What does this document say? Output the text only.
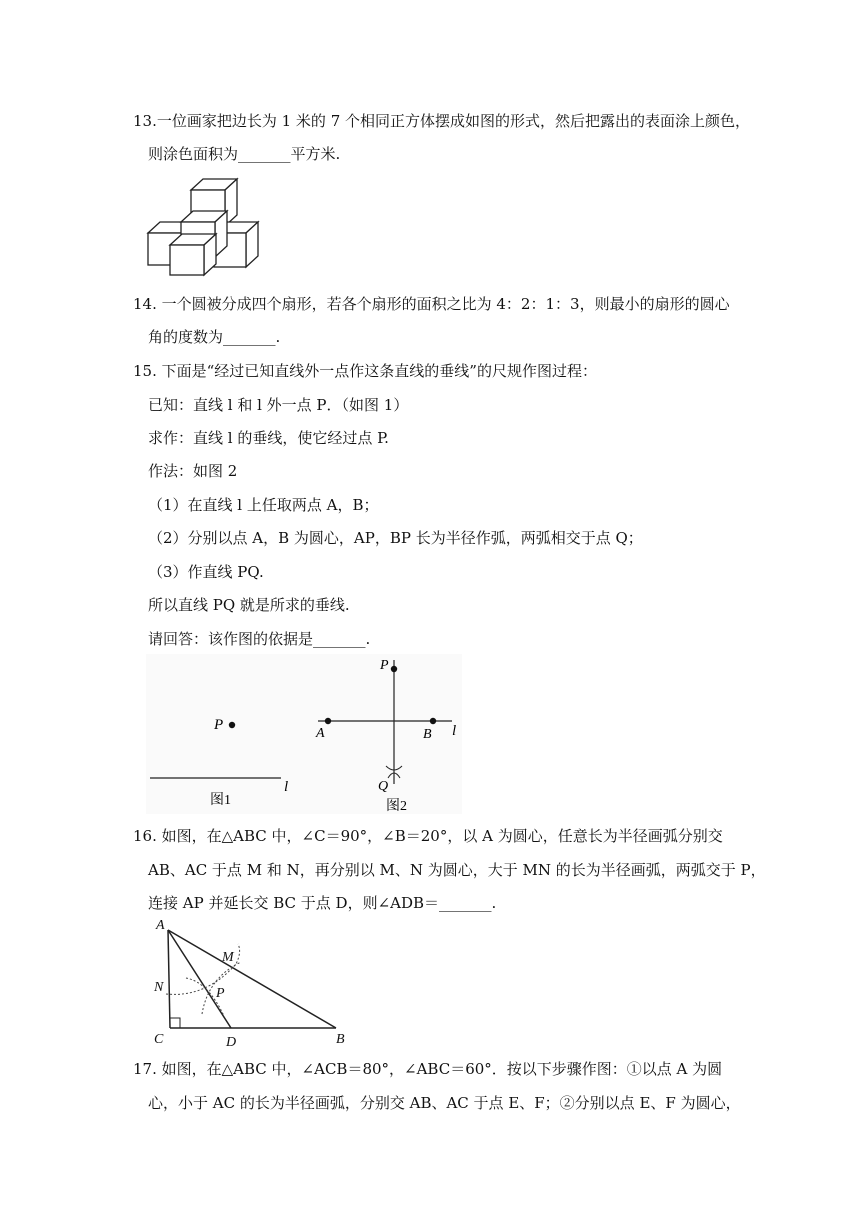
13.一位画家把边长为 1 米的 7 个相同正方体摆成如图的形式，然后把露出的表面涂上颜色，
则涂色面积为_______平方米.
14. 一个圆被分成四个扇形，若各个扇形的面积之比为 4：2：1：3，则最小的扇形的圆心
角的度数为_______.
15. 下面是“经过已知直线外一点作这条直线的垂线”的尺规作图过程：
已知：直线 l 和 l 外一点 P．（如图 1）
求作：直线 l 的垂线，使它经过点 P.
作法：如图 2
（1）在直线 l 上任取两点 A，B；
（2）分别以点 A，B 为圆心，AP，BP 长为半径作弧，两弧相交于点 Q；
（3）作直线 PQ.
所以直线 PQ 就是所求的垂线.
请回答：该作图的依据是_______.
P
l
图1
P
A	B l
Q
图2
16. 如图，在△ABC 中，∠C＝90°，∠B＝20°，以 A 为圆心，任意长为半径画弧分别交
AB、AC 于点 M 和 N，再分别以 M、N 为圆心，大于 MN 的长为半径画弧，两弧交于 P，
连接 AP 并延长交 BC 于点 D，则∠ADB＝_______.
A
M
N	P
C	D	B
17. 如图，在△ABC 中，∠ACB＝80°，∠ABC＝60°．按以下步骤作图：①以点 A 为圆
心，小于 AC 的长为半径画弧，分别交 AB、AC 于点 E、F；②分别以点 E、F 为圆心，
